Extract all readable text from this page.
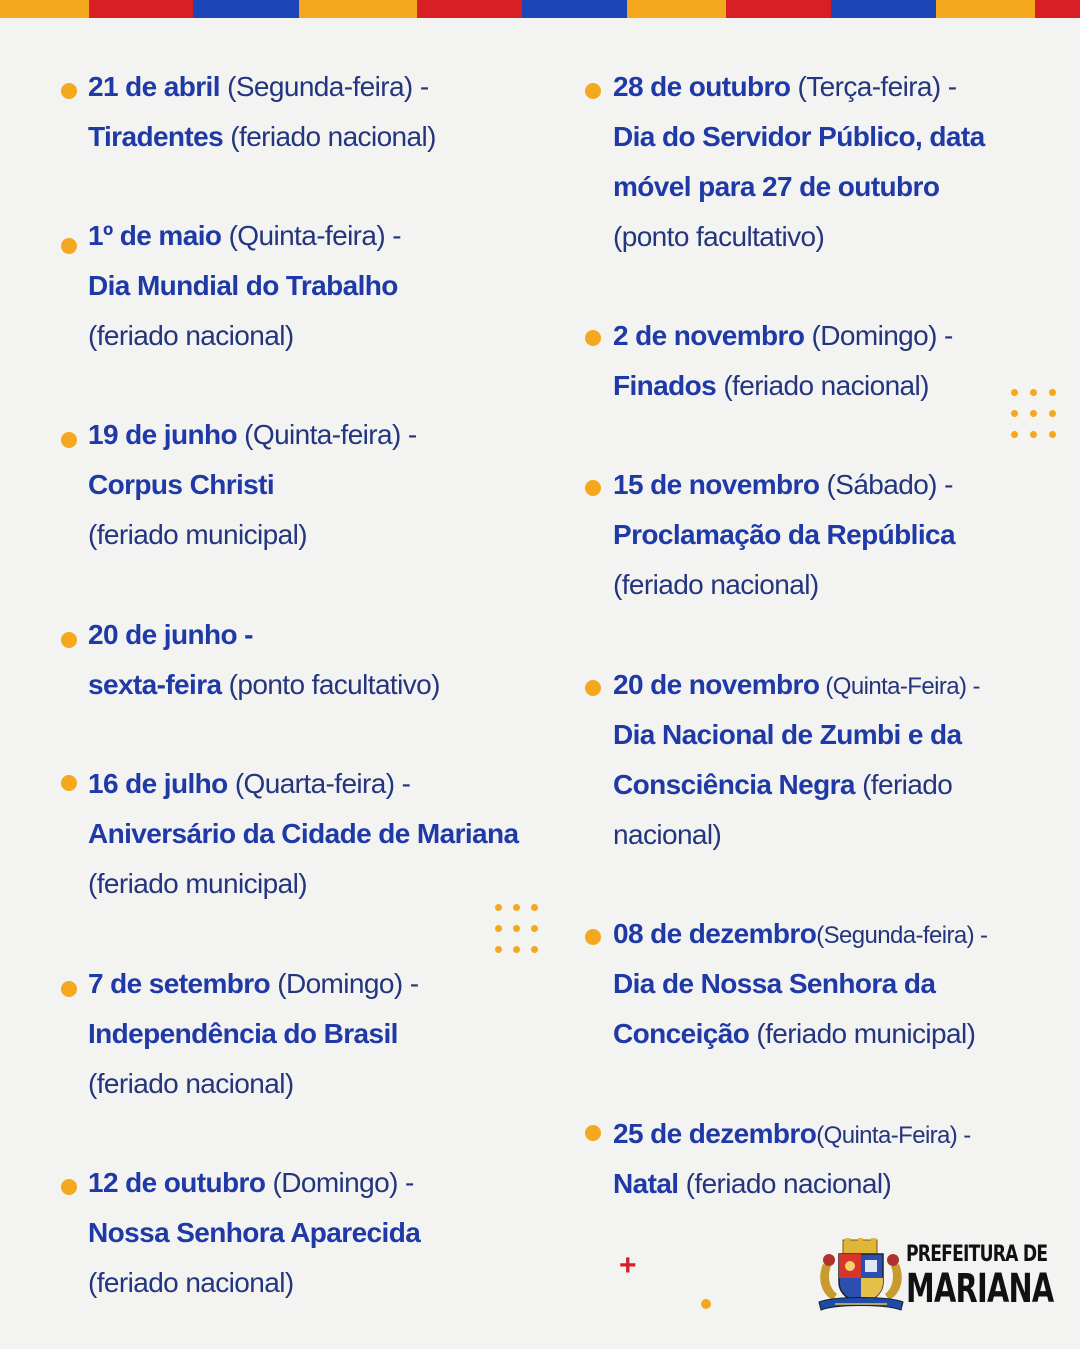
21 de abril (Segunda-feira) -
Tiradentes (feriado nacional)
1º de maio (Quinta-feira) -
Dia Mundial do Trabalho
(feriado nacional)
19 de junho (Quinta-feira) -
Corpus Christi
(feriado municipal)
20 de junho -
sexta-feira (ponto facultativo)
16 de julho (Quarta-feira) -
Aniversário da Cidade de Mariana
(feriado municipal)
7 de setembro (Domingo) -
Independência do Brasil
(feriado nacional)
12 de outubro (Domingo) -
Nossa Senhora Aparecida
(feriado nacional)
28 de outubro (Terça-feira) -
Dia do Servidor Público, data
móvel para 27 de outubro
(ponto facultativo)
2 de novembro (Domingo) -
Finados (feriado nacional)
15 de novembro (Sábado) -
Proclamação da República
(feriado nacional)
20 de novembro (Quinta-Feira) -
Dia Nacional de Zumbi e da
Consciência Negra (feriado
nacional)
08 de dezembro(Segunda-feira) -
Dia de Nossa Senhora da
Conceição (feriado municipal)
25 de dezembro(Quinta-Feira) -
Natal (feriado nacional)
+	PREFEITURA DE
MARIANA
